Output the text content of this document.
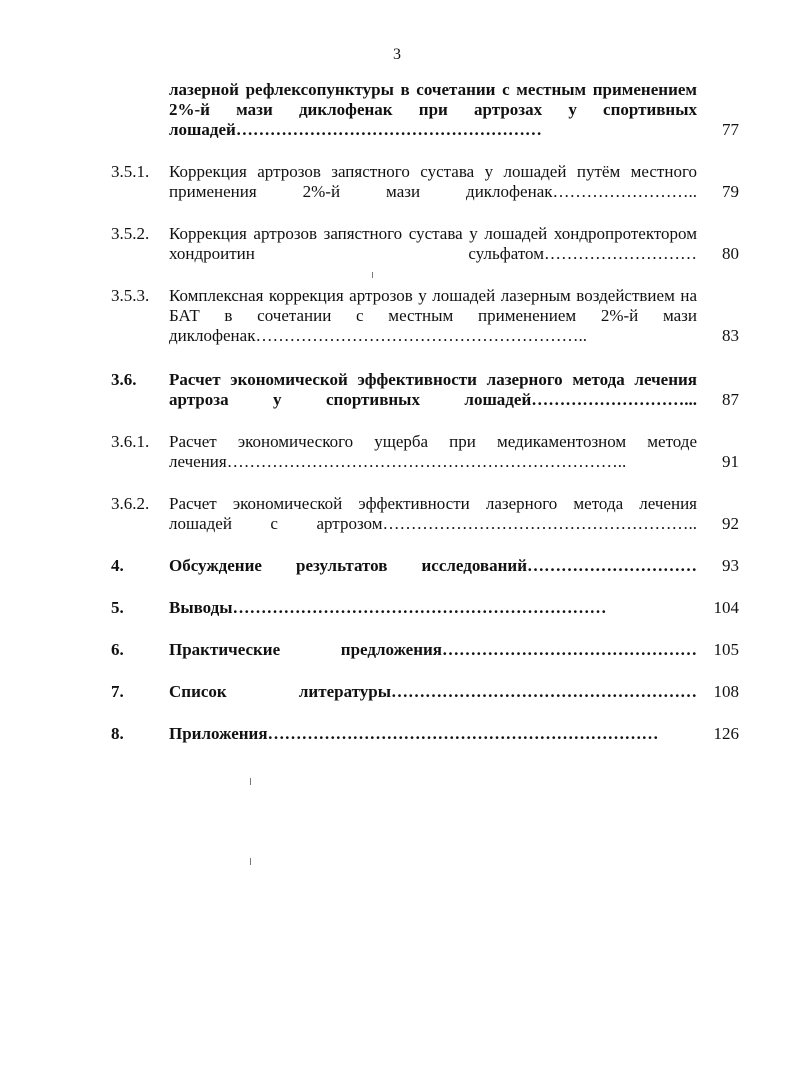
3
лазерной рефлексопунктуры в сочетании с местным применением 2%-й мази диклофенак при артрозах у спортивных лошадей………………………………………………	77
3.5.1.	Коррекция артрозов запястного сустава у лошадей путём местного применения 2%-й мази диклофенак……………………..	79
3.5.2.	Коррекция артрозов запястного сустава у лошадей хондропротектором хондроитин сульфатом………………………	80
3.5.3.	Комплексная коррекция артрозов у лошадей лазерным воздействием на БАТ в сочетании с местным применением 2%-й мази диклофенак…………………………………………………..	83
3.6.	Расчет экономической эффективности лазерного метода лечения артроза у спортивных лошадей………………………...	87
3.6.1.	Расчет экономического ущерба при медикаментозном методе лечения……………………………………………………………..	91
3.6.2.	Расчет экономической эффективности лазерного метода лечения лошадей с артрозом………………………………………………..	92
4.	Обсуждение результатов исследований…………………………	93
5.	Выводы…………………………………………………………	104
6.	Практические предложения……………………………………… 105
7.	Список литературы……………………………………………… 108
8.	Приложения……………………………………………………………	126
